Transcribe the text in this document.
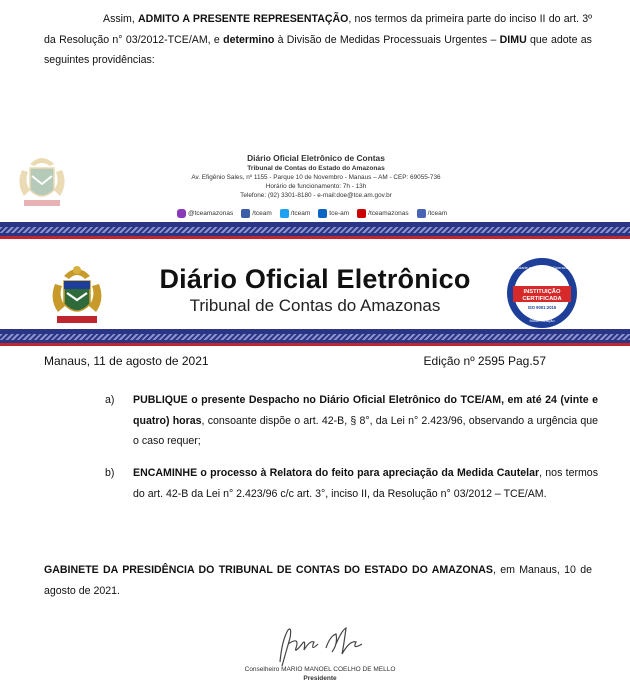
Assim, ADMITO A PRESENTE REPRESENTAÇÃO, nos termos da primeira parte do inciso II do art. 3º da Resolução n° 03/2012-TCE/AM, e determino à Divisão de Medidas Processuais Urgentes – DIMU que adote as seguintes providências:

Diário Oficial Eletrônico de Contas
Tribunal de Contas do Estado do Amazonas
Av. Efigênio Sales, nº 1155 - Parque 10 de Novembro - Manaus – AM - CEP: 69055-736
Horário de funcionamento: 7h - 13h
Telefone: (92) 3301-8180 - e-mail:doe@tce.am.gov.br
@tceamazonas	/tceam	/tceam	tce-am	/tceamazonas	/tceam
Diário Oficial Eletrônico
Tribunal de Contas do Amazonas
Qualidade e Excelência Operacional
INSTITUIÇÃO
CERTIFICADA
ISO 9001:2015
Modernização
Manaus, 11 de agosto de 2021	Edição nº 2595 Pag.57
a) PUBLIQUE o presente Despacho no Diário Oficial Eletrônico do TCE/AM, em até 24 (vinte e quatro) horas, consoante dispõe o art. 42-B, § 8°, da Lei n° 2.423/96, observando a urgência que o caso requer;

b) ENCAMINHE o processo à Relatora do feito para apreciação da Medida Cautelar, nos termos do art. 42-B da Lei n° 2.423/96 c/c art. 3°, inciso II, da Resolução n° 03/2012 – TCE/AM.

GABINETE DA PRESIDÊNCIA DO TRIBUNAL DE CONTAS DO ESTADO DO AMAZONAS, em Manaus, 10 de agosto de 2021.

Conselheiro MARIO MANOEL COELHO DE MELLO
Presidente
